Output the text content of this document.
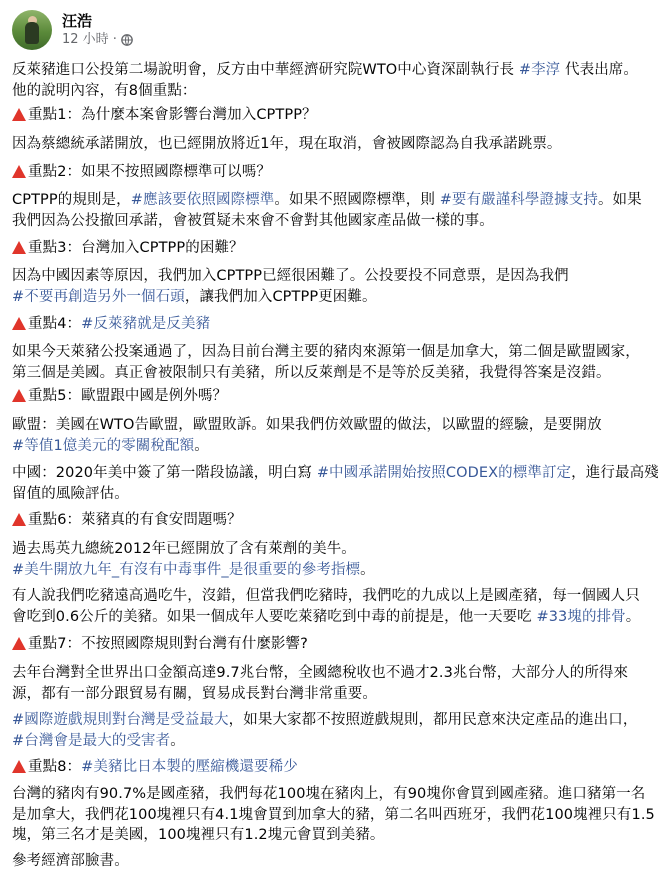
汪浩
12 小時 ·
反萊豬進口公投第二場說明會，反方由中華經濟研究院WTO中心資深副執行長 #李淳 代表出席。
他的說明內容，有8個重點：
重點1：為什麼本案會影響台灣加入CPTPP？
因為蔡總統承諾開放，也已經開放將近1年，現在取消，會被國際認為自我承諾跳票。
重點2：如果不按照國際標準可以嗎？
CPTPP的規則是，#應該要依照國際標準。如果不照國際標準，則 #要有嚴謹科學證據支持。如果
我們因為公投撤回承諾，會被質疑未來會不會對其他國家產品做一樣的事。
重點3：台灣加入CPTPP的困難？
因為中國因素等原因，我們加入CPTPP已經很困難了。公投要投不同意票，是因為我們
#不要再創造另外一個石頭，讓我們加入CPTPP更困難。
重點4： #反萊豬就是反美豬
如果今天萊豬公投案通過了，因為目前台灣主要的豬肉來源第一個是加拿大，第二個是歐盟國家，
第三個是美國。真正會被限制只有美豬，所以反萊劑是不是等於反美豬，我覺得答案是沒錯。
重點5：歐盟跟中國是例外嗎？
歐盟：美國在WTO告歐盟，歐盟敗訴。如果我們仿效歐盟的做法，以歐盟的經驗，是要開放
#等值1億美元的零關稅配額。
中國：2020年美中簽了第一階段協議，明白寫 #中國承諾開始按照CODEX的標準訂定，進行最高殘
留值的風險評估。
重點6：萊豬真的有食安問題嗎？
過去馬英九總統2012年已經開放了含有萊劑的美牛。
#美牛開放九年_有沒有中毒事件_是很重要的參考指標。
有人說我們吃豬遠高過吃牛，沒錯，但當我們吃豬時，我們吃的九成以上是國產豬，每一個國人只
會吃到0.6公斤的美豬。如果一個成年人要吃萊豬吃到中毒的前提是，他一天要吃 #33塊的排骨。
重點7：不按照國際規則對台灣有什麼影響?
去年台灣對全世界出口金額高達9.7兆台幣，全國總稅收也不過才2.3兆台幣，大部分人的所得來
源，都有一部分跟貿易有關，貿易成長對台灣非常重要。
#國際遊戲規則對台灣是受益最大，如果大家都不按照遊戲規則，都用民意來決定產品的進出口，
#台灣會是最大的受害者。
重點8： #美豬比日本製的壓縮機還要稀少
台灣的豬肉有90.7%是國產豬，我們每花100塊在豬肉上，有90塊你會買到國產豬。進口豬第一名
是加拿大，我們花100塊裡只有4.1塊會買到加拿大的豬，第二名叫西班牙，我們花100塊裡只有1.5
塊，第三名才是美國，100塊裡只有1.2塊元會買到美豬。
參考經濟部臉書。
